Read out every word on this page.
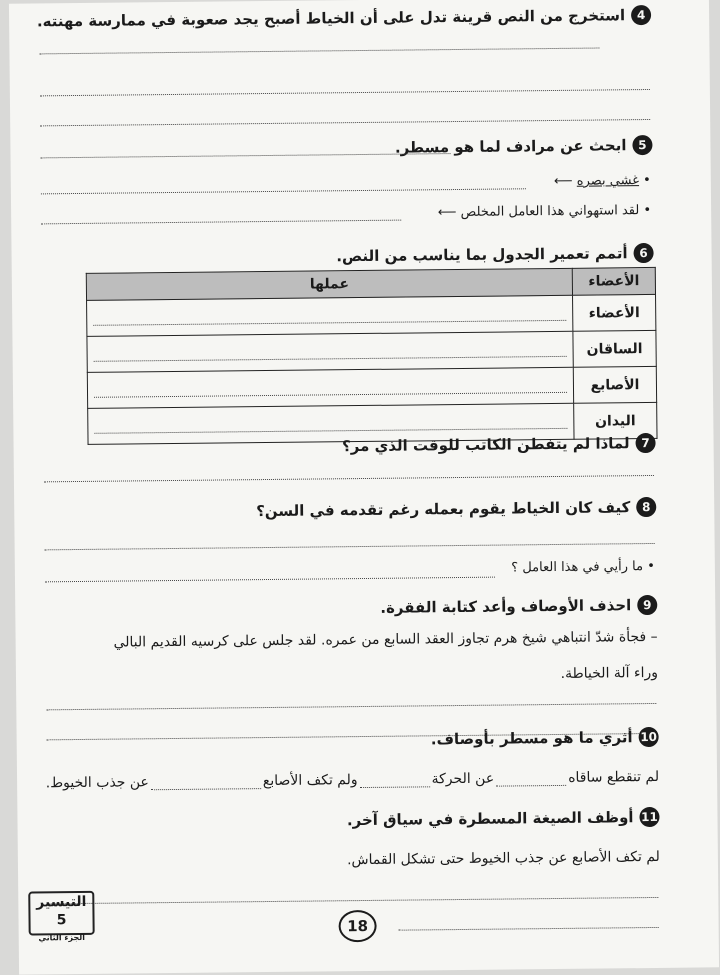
4
استخرج من النص قرينة تدل على أن الخياط أصبح يجد صعوبة في ممارسة مهنته.
5
ابحث عن مرادف لما هو مسطر.
• غشي بصره ⟵
• لقد استهواني هذا العامل المخلص ⟵
6
أتمم تعمير الجدول بما يناسب من النص.
الأعضاء	عملها
الأعضاء	

الساقان	

الأصابع	

اليدان	
7
لماذا لم يتفطن الكاتب للوقت الذي مر؟
8
كيف كان الخياط يقوم بعمله رغم تقدمه في السن؟
• ما رأيي في هذا العامل ؟
9
احذف الأوصاف وأعد كتابة الفقرة.
– فجأة شدّ انتباهي شيخ هرم تجاوز العقد السابع من عمره. لقد جلس على كرسيه القديم البالي
وراء آلة الخياطة.
10
أثري ما هو مسطر بأوصاف.
لم تنقطع ساقاه
عن الحركة
ولم تكف الأصابع
عن جذب الخيوط.
11
أوظف الصيغة المسطرة في سياق آخر.
لم تكف الأصابع عن جذب الخيوط حتى تشكل القماش.
18
التيسير 5
الجزء الثاني
